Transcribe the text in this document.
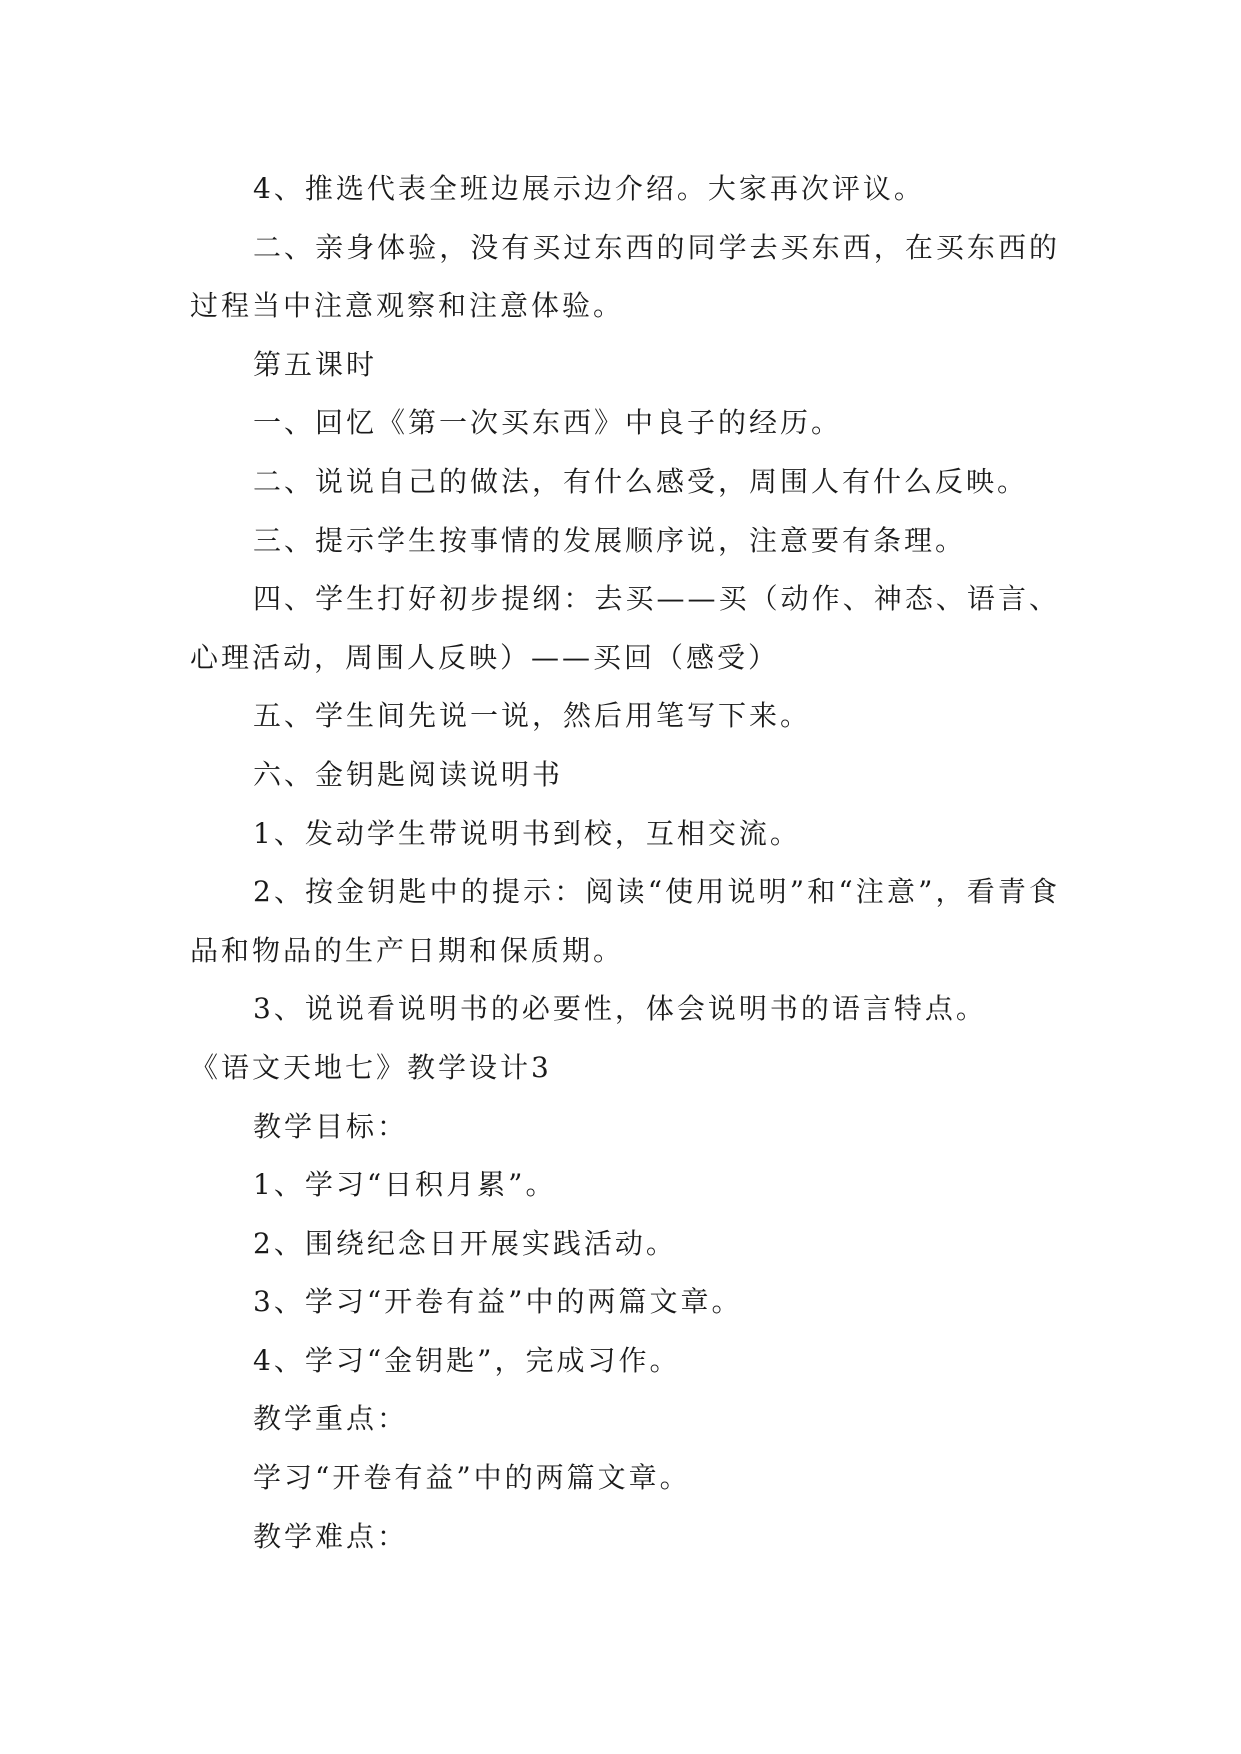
4、推选代表全班边展示边介绍。大家再次评议。

二、亲身体验，没有买过东西的同学去买东西，在买东西的过程当中注意观察和注意体验。

第五课时

一、回忆《第一次买东西》中良子的经历。

二、说说自己的做法，有什么感受，周围人有什么反映。

三、提示学生按事情的发展顺序说，注意要有条理。

四、学生打好初步提纲：去买——买（动作、神态、语言、心理活动，周围人反映）——买回（感受）

五、学生间先说一说，然后用笔写下来。

六、金钥匙阅读说明书

1、发动学生带说明书到校，互相交流。

2、按金钥匙中的提示：阅读“使用说明”和“注意”，看青食品和物品的生产日期和保质期。

3、说说看说明书的必要性，体会说明书的语言特点。

《语文天地七》教学设计3

教学目标：

1、学习“日积月累”。

2、围绕纪念日开展实践活动。

3、学习“开卷有益”中的两篇文章。

4、学习“金钥匙”，完成习作。

教学重点：

学习“开卷有益”中的两篇文章。

教学难点：
